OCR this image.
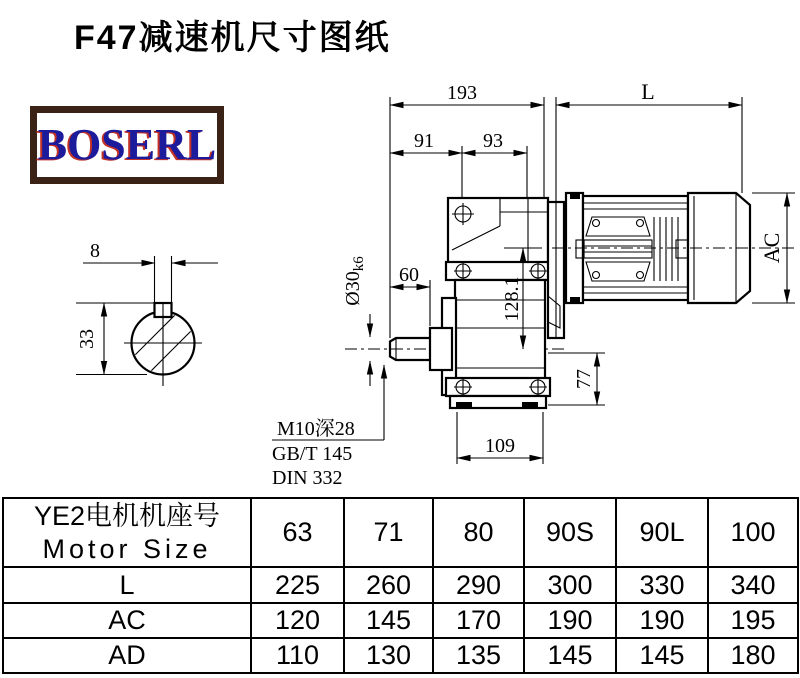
8
33
193	L
91 93
60
$Ø30_{k6}$
128.1
AC
77
109
M10深28
GB/T 145
DIN 332
F47减速机尺寸图纸
BOSERL
YE2电机机座号
Motor Size	63	71	80	90S	90L	100
L	225	260	290	300	330	340
AC	120	145	170	190	190	195
AD	110	130	135	145	145	180
